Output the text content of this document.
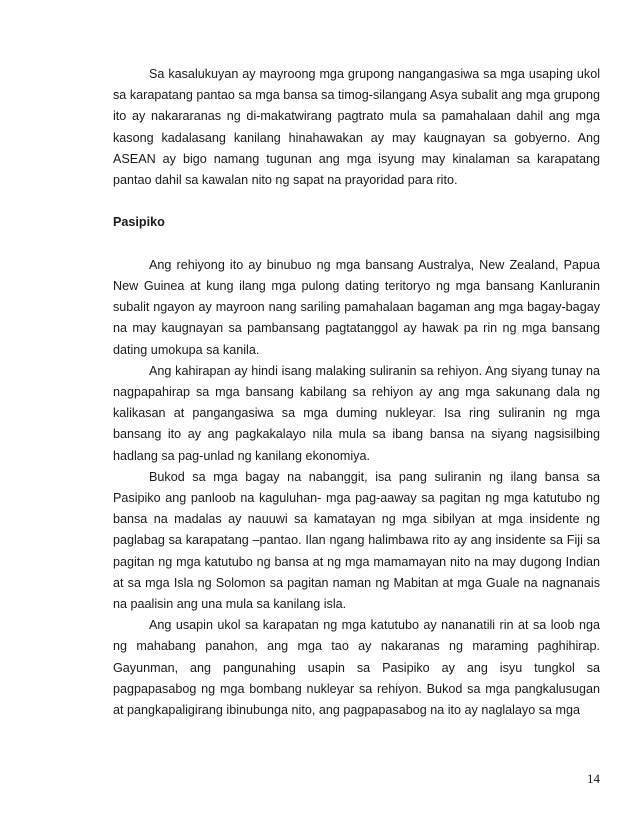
Sa kasalukuyan ay mayroong mga grupong nangangasiwa sa mga usaping ukol sa karapatang pantao sa mga bansa sa timog-silangang Asya subalit ang mga grupong ito ay nakararanas ng di-makatwirang pagtrato mula sa pamahalaan dahil ang mga kasong kadalasang kanilang hinahawakan ay may kaugnayan sa gobyerno. Ang ASEAN ay bigo namang tugunan ang mga isyung may kinalaman sa karapatang pantao dahil sa kawalan nito ng sapat na prayoridad para rito.

Pasipiko

Ang rehiyong ito ay binubuo ng mga bansang Australya, New Zealand, Papua New Guinea at kung ilang mga pulong dating teritoryo ng mga bansang Kanluranin subalit ngayon ay mayroon nang sariling pamahalaan bagaman ang mga bagay-bagay na may kaugnayan sa pambansang pagtatanggol ay hawak pa rin ng mga bansang dating umokupa sa kanila.

Ang kahirapan ay hindi isang malaking suliranin sa rehiyon. Ang siyang tunay na nagpapahirap sa mga bansang kabilang sa rehiyon ay ang mga sakunang dala ng kalikasan at pangangasiwa sa mga duming nukleyar. Isa ring suliranin ng mga bansang ito ay ang pagkakalayo nila mula sa ibang bansa na siyang nagsisilbing hadlang sa pag-unlad ng kanilang ekonomiya.

Bukod sa mga bagay na nabanggit, isa pang suliranin ng ilang bansa sa Pasipiko ang panloob na kaguluhan- mga pag-aaway sa pagitan ng mga katutubo ng bansa na madalas ay nauuwi sa kamatayan ng mga sibilyan at mga insidente ng paglabag sa karapatang –pantao. Ilan ngang halimbawa rito ay ang insidente sa Fiji sa pagitan ng mga katutubo ng bansa at ng mga mamamayan nito na may dugong Indian at sa mga Isla ng Solomon sa pagitan naman ng Mabitan at mga Guale na nagnanais na paalisin ang una mula sa kanilang isla.

Ang usapin ukol sa karapatan ng mga katutubo ay nananatili rin at sa loob nga ng mahabang panahon, ang mga tao ay nakaranas ng maraming paghihirap. Gayunman, ang pangunahing usapin sa Pasipiko ay ang isyu tungkol sa pagpapasabog ng mga bombang nukleyar sa rehiyon. Bukod sa mga pangkalusugan at pangkapaligirang ibinubunga nito, ang pagpapasabog na ito ay naglalayo sa mga

14
